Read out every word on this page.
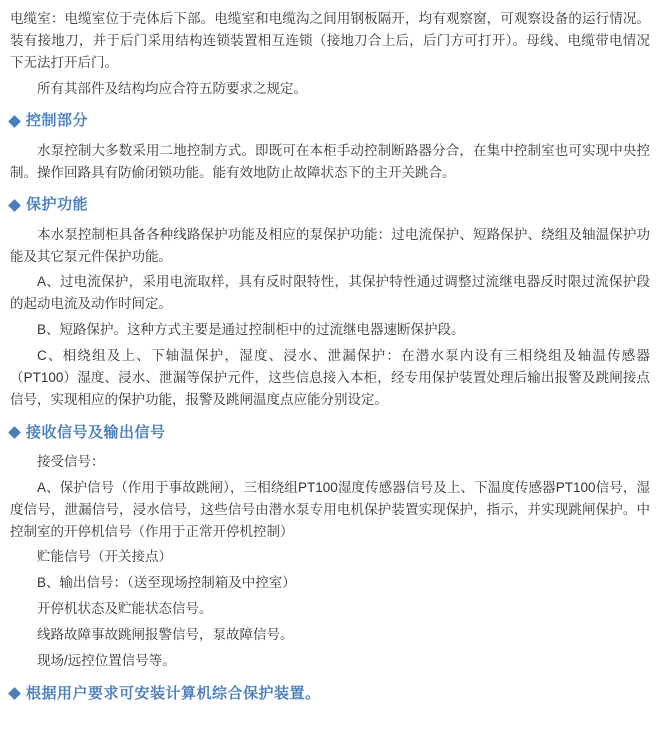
电缆室：电缆室位于壳体后下部。电缆室和电缆沟之间用钢板隔开，均有观察窗，可观察设备的运行情况。装有接地刀，并于后门采用结构连锁装置相互连锁（接地刀合上后，后门方可打开）。母线、电缆带电情况下无法打开后门。

所有其部件及结构均应合符五防要求之规定。

控制部分

水泵控制大多数采用二地控制方式。即既可在本柜手动控制断路器分合，在集中控制室也可实现中央控制。操作回路具有防偷闭锁功能。能有效地防止故障状态下的主开关跳合。

保护功能

本水泵控制柜具备各种线路保护功能及相应的泵保护功能：过电流保护、短路保护、绕组及轴温保护功能及其它泵元件保护功能。

A、过电流保护，采用电流取样，具有反时限特性，其保护特性通过调整过流继电器反时限过流保护段的起动电流及动作时间定。

B、短路保护。这种方式主要是通过控制柜中的过流继电器速断保护段。

C、相绕组及上、下轴温保护，湿度、浸水、泄漏保护：在潜水泵内设有三相绕组及轴温传感器（PT100）湿度、浸水、泄漏等保护元件，这些信息接入本柜，经专用保护装置处理后输出报警及跳闸接点信号，实现相应的保护功能，报警及跳闸温度点应能分别设定。

接收信号及输出信号

接受信号：

A、保护信号（作用于事故跳闸），三相绕组PT100湿度传感器信号及上、下温度传感器PT100信号，湿度信号，泄漏信号，浸水信号，这些信号由潜水泵专用电机保护装置实现保护，指示，并实现跳闸保护。中控制室的开停机信号（作用于正常开停机控制）

贮能信号（开关接点）

B、输出信号：（送至现场控制箱及中控室）

开停机状态及贮能状态信号。

线路故障事故跳闸报警信号，泵故障信号。

现场/远控位置信号等。

根据用户要求可安装计算机综合保护装置。
